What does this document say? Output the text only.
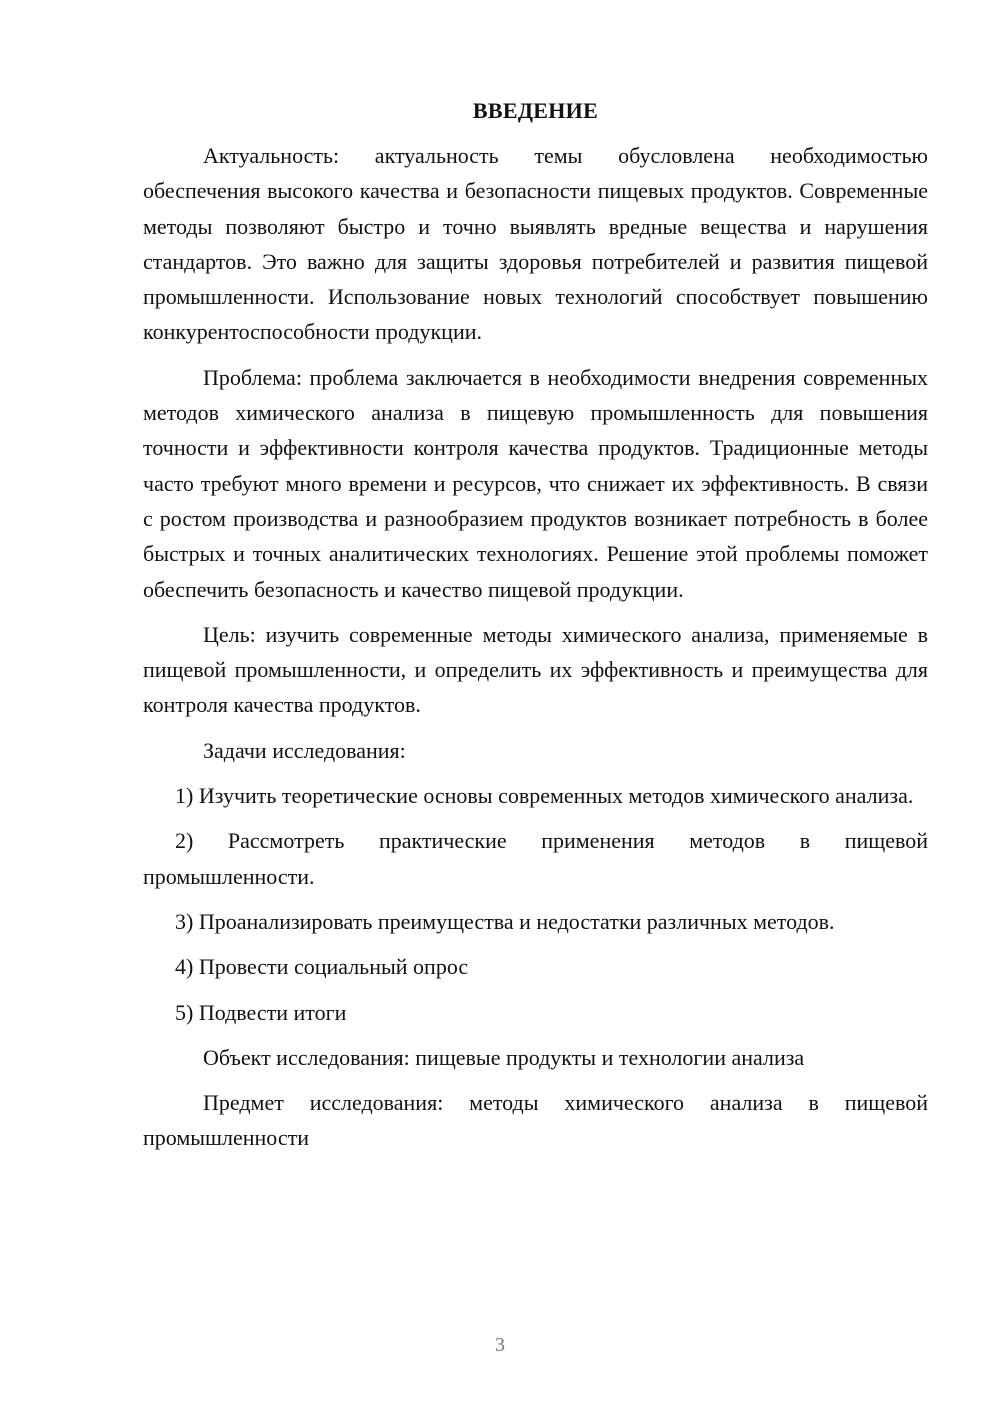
ВВЕДЕНИЕ

Актуальность: актуальность темы обусловлена необходимостью обеспечения высокого качества и безопасности пищевых продуктов. Современные методы позволяют быстро и точно выявлять вредные вещества и нарушения стандартов. Это важно для защиты здоровья потребителей и развития пищевой промышленности. Использование новых технологий способствует повышению конкурентоспособности продукции.

Проблема: проблема заключается в необходимости внедрения современных методов химического анализа в пищевую промышленность для повышения точности и эффективности контроля качества продуктов. Традиционные методы часто требуют много времени и ресурсов, что снижает их эффективность. В связи с ростом производства и разнообразием продуктов возникает потребность в более быстрых и точных аналитических технологиях. Решение этой проблемы поможет обеспечить безопасность и качество пищевой продукции.

Цель: изучить современные методы химического анализа, применяемые в пищевой промышленности, и определить их эффективность и преимущества для контроля качества продуктов.

Задачи исследования:

1) Изучить теоретические основы современных методов химического анализа.

2) Рассмотреть практические применения методов в пищевой промышленности.

3) Проанализировать преимущества и недостатки различных методов.

4) Провести социальный опрос

5) Подвести итоги

Объект исследования: пищевые продукты и технологии анализа

Предмет исследования: методы химического анализа в пищевой промышленности

3
